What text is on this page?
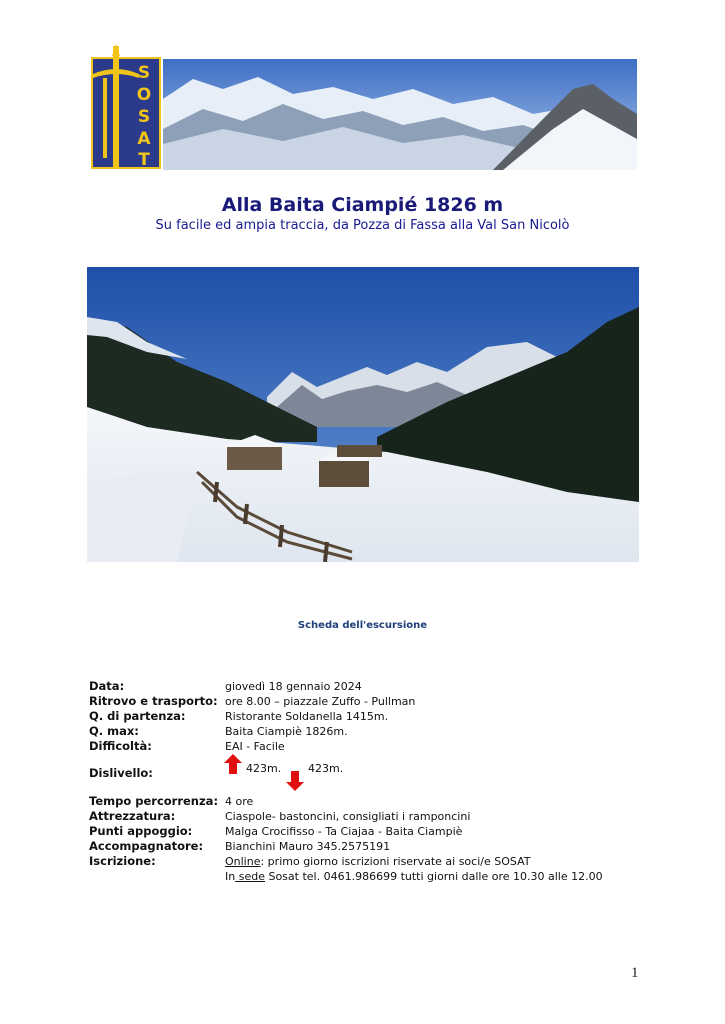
S
O
S
A
T
Alla Baita Ciampié 1826 m
Su facile ed ampia traccia, da Pozza di Fassa alla Val San Nicolò
Scheda dell'escursione
Data:	giovedì 18 gennaio 2024
Ritrovo e trasporto: ore 8.00 – piazzale Zuffo - Pullman
Q. di partenza:	Ristorante Soldanella 1415m.
Q. max:	Baita Ciampiè 1826m.
Difficoltà:	EAI - Facile
Dislivello:	423m. 423m.
Tempo percorrenza: 4 ore
Attrezzatura:	Ciaspole- bastoncini, consigliati i ramponcini
Punti appoggio:	Malga Crocifisso - Ta Ciajaa - Baita Ciampiè
Accompagnatore: Bianchini Mauro 345.2575191
Iscrizione:	Online: primo giorno iscrizioni riservate ai soci/e SOSAT
In sede Sosat tel. 0461.986699 tutti giorni dalle ore 10.30 alle 12.00
1
